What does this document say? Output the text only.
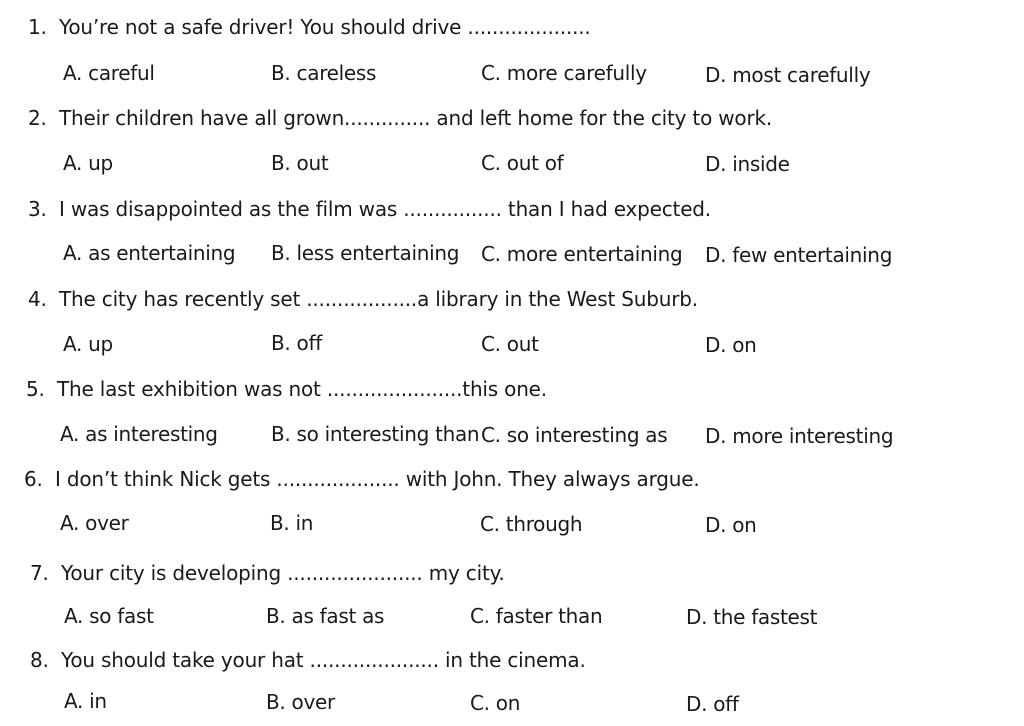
1. You’re not a safe driver! You should drive ....................
A. careful	B. careless	C. more carefully	D. most carefully
2. Their children have all grown.............. and left home for the city to work.
A. up	B. out	C. out of	D. inside
3. I was disappointed as the film was ................ than I had expected.
A. as entertaining B. less entertaining C. more entertaining D. few entertaining
4. The city has recently set ..................a library in the West Suburb.
A. up	B. off	C. out	D. on
5. The last exhibition was not ......................this one.
A. as interesting	B. so interesting than C. so interesting as D. more interesting
6. I don’t think Nick gets .................... with John. They always argue.
A. over	B. in	C. through	D. on
7. Your city is developing ...................... my city.
A. so fast	B. as fast as	C. faster than	D. the fastest
8. You should take your hat ..................... in the cinema.
A. in	B. over	C. on	D. off
